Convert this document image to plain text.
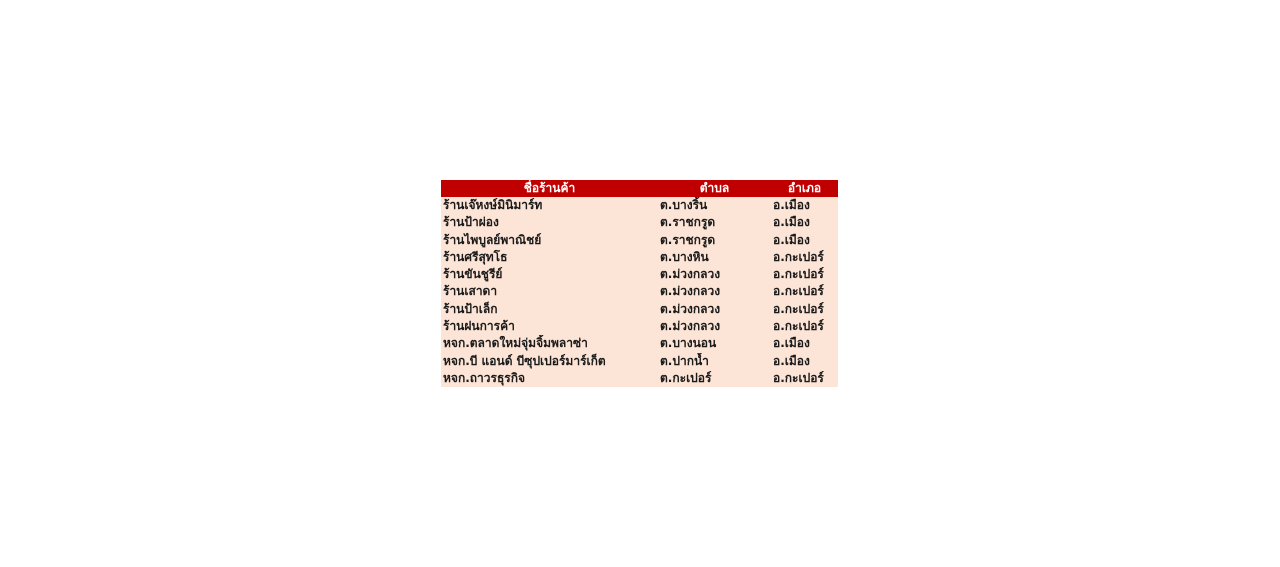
ชื่อร้านค้า	ตำบล	อำเภอ
ร้านเจ๊หงษ์มินิมาร์ท	ต.บางริ้น	อ.เมือง
ร้านป้าผ่อง	ต.ราชกรูด	อ.เมือง
ร้านไพบูลย์พาณิชย์	ต.ราชกรูด	อ.เมือง
ร้านศรีสุทโธ	ต.บางหิน	อ.กะเปอร์
ร้านขันชูรีย์	ต.ม่วงกลวง	อ.กะเปอร์
ร้านเสาดา	ต.ม่วงกลวง	อ.กะเปอร์
ร้านป้าเล็ก	ต.ม่วงกลวง	อ.กะเปอร์
ร้านฝนการค้า	ต.ม่วงกลวง	อ.กะเปอร์
หจก.ตลาดใหม่จุ่มจิ้มพลาซ่า	ต.บางนอน	อ.เมือง
หจก.บี แอนด์ บีซุปเปอร์มาร์เก็ต	ต.ปากน้ำ	อ.เมือง
หจก.ถาวรธุรกิจ	ต.กะเปอร์	อ.กะเปอร์
